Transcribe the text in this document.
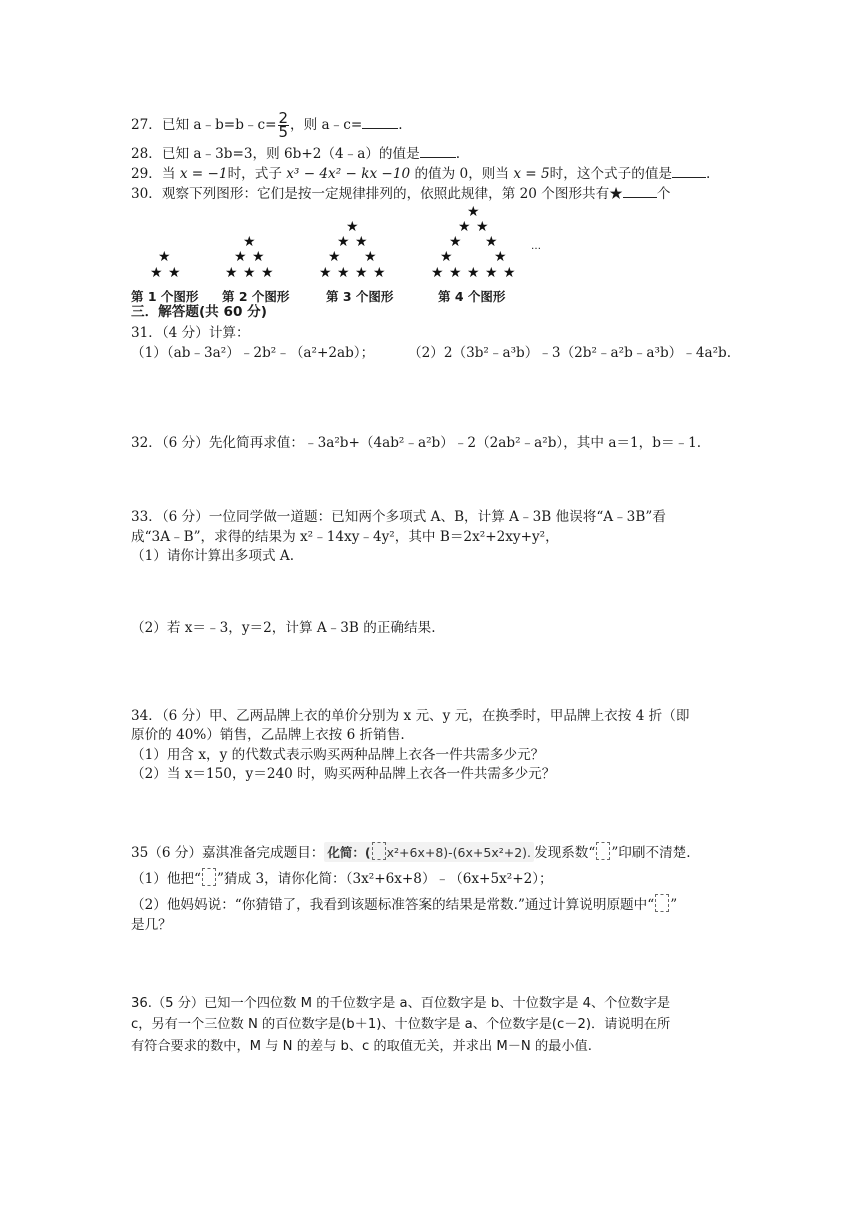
27．已知 a﹣b=b﹣c= $\frac{2}{5}$ ，则 a﹣c=	.
28．已知 a﹣3b=3，则 6b+2（4﹣a）的值是	.
29．当 x = −1时，式子 x³ − 4x² − kx −10 的值为 0，则当 x = 5时，这个式子的值是	.
30．观察下列图形：它们是按一定规律排列的，依照此规律，第 20 个图形共有★	个
★
★ ★
★
★ ★
★ ★ ★
★
★ ★
★ ★
★ ★ ★ ★
★
★ ★
★ ★
★	★
★ ★ ★ ★ ★
…
第 1 个图形 第 2 个图形	第 3 个图形	第 4 个图形
三．解答题(共 60 分)
31．（4 分）计算：
（1）（ab﹣3a²）﹣2b²﹣（a²+2ab）； （2）2（3b²﹣a³b）﹣3（2b²﹣a²b﹣a³b）﹣4a²b.
32．（6 分）先化简再求值：﹣3a²b+（4ab²﹣a²b）﹣2（2ab²﹣a²b），其中 a＝1，b＝﹣1.
33．（6 分）一位同学做一道题：已知两个多项式 A、B，计算 A﹣3B 他误将“A﹣3B”看
成“3A﹣B”，求得的结果为 x²﹣14xy﹣4y²，其中 B＝2x²+2xy+y²，
（1）请你计算出多项式 A.
（2）若 x＝﹣3，y＝2，计算 A﹣3B 的正确结果.
34．（6 分）甲、乙两品牌上衣的单价分别为 x 元、y 元，在换季时，甲品牌上衣按 4 折（即
原价的 40%）销售，乙品牌上衣按 6 折销售.
（1）用含 x，y 的代数式表示购买两种品牌上衣各一件共需多少元？
（2）当 x＝150，y＝240 时，购买两种品牌上衣各一件共需多少元？
35（6 分）嘉淇准备完成题目： 化简：( x²+6x+8)-(6x+5x²+2). 发现系数“ ”印刷不清楚.
（1）他把“ ”猜成 3，请你化简：（3x²+6x+8）﹣（6x+5x²+2）；
（2）他妈妈说：“你猜错了，我看到该题标准答案的结果是常数.”通过计算说明原题中“ ”
是几？
36.（5 分）已知一个四位数 M 的千位数字是 a、百位数字是 b、十位数字是 4、个位数字是
c，另有一个三位数 N 的百位数字是(b＋1)、十位数字是 a、个位数字是(c－2)．请说明在所
有符合要求的数中，M 与 N 的差与 b、c 的取值无关，并求出 M－N 的最小值.
